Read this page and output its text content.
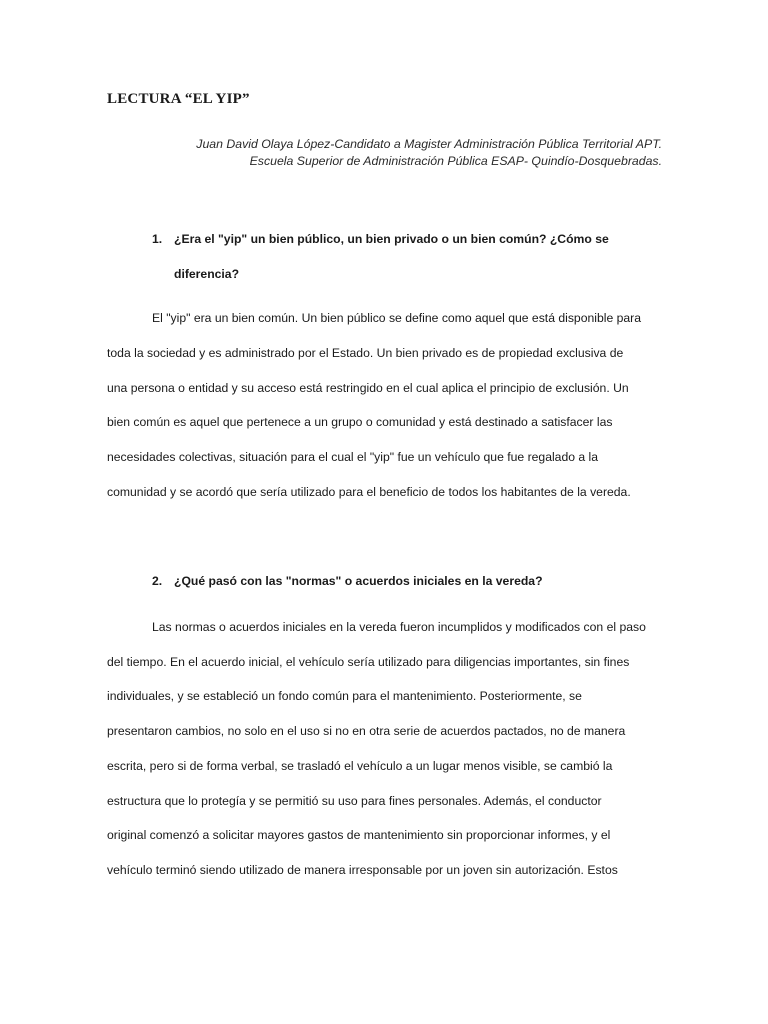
LECTURA “EL YIP”
Juan David Olaya López-Candidato a Magister Administración Pública Territorial APT.
Escuela Superior de Administración Pública ESAP- Quindío-Dosquebradas.
1. ¿Era el "yip" un bien público, un bien privado o un bien común? ¿Cómo se
diferencia?
El "yip" era un bien común. Un bien público se define como aquel que está disponible para
toda la sociedad y es administrado por el Estado. Un bien privado es de propiedad exclusiva de
una persona o entidad y su acceso está restringido en el cual aplica el principio de exclusión. Un
bien común es aquel que pertenece a un grupo o comunidad y está destinado a satisfacer las
necesidades colectivas, situación para el cual el "yip" fue un vehículo que fue regalado a la
comunidad y se acordó que sería utilizado para el beneficio de todos los habitantes de la vereda.
2. ¿Qué pasó con las "normas" o acuerdos iniciales en la vereda?
Las normas o acuerdos iniciales en la vereda fueron incumplidos y modificados con el paso
del tiempo. En el acuerdo inicial, el vehículo sería utilizado para diligencias importantes, sin fines
individuales, y se estableció un fondo común para el mantenimiento. Posteriormente, se
presentaron cambios, no solo en el uso si no en otra serie de acuerdos pactados, no de manera
escrita, pero si de forma verbal, se trasladó el vehículo a un lugar menos visible, se cambió la
estructura que lo protegía y se permitió su uso para fines personales. Además, el conductor
original comenzó a solicitar mayores gastos de mantenimiento sin proporcionar informes, y el
vehículo terminó siendo utilizado de manera irresponsable por un joven sin autorización. Estos
